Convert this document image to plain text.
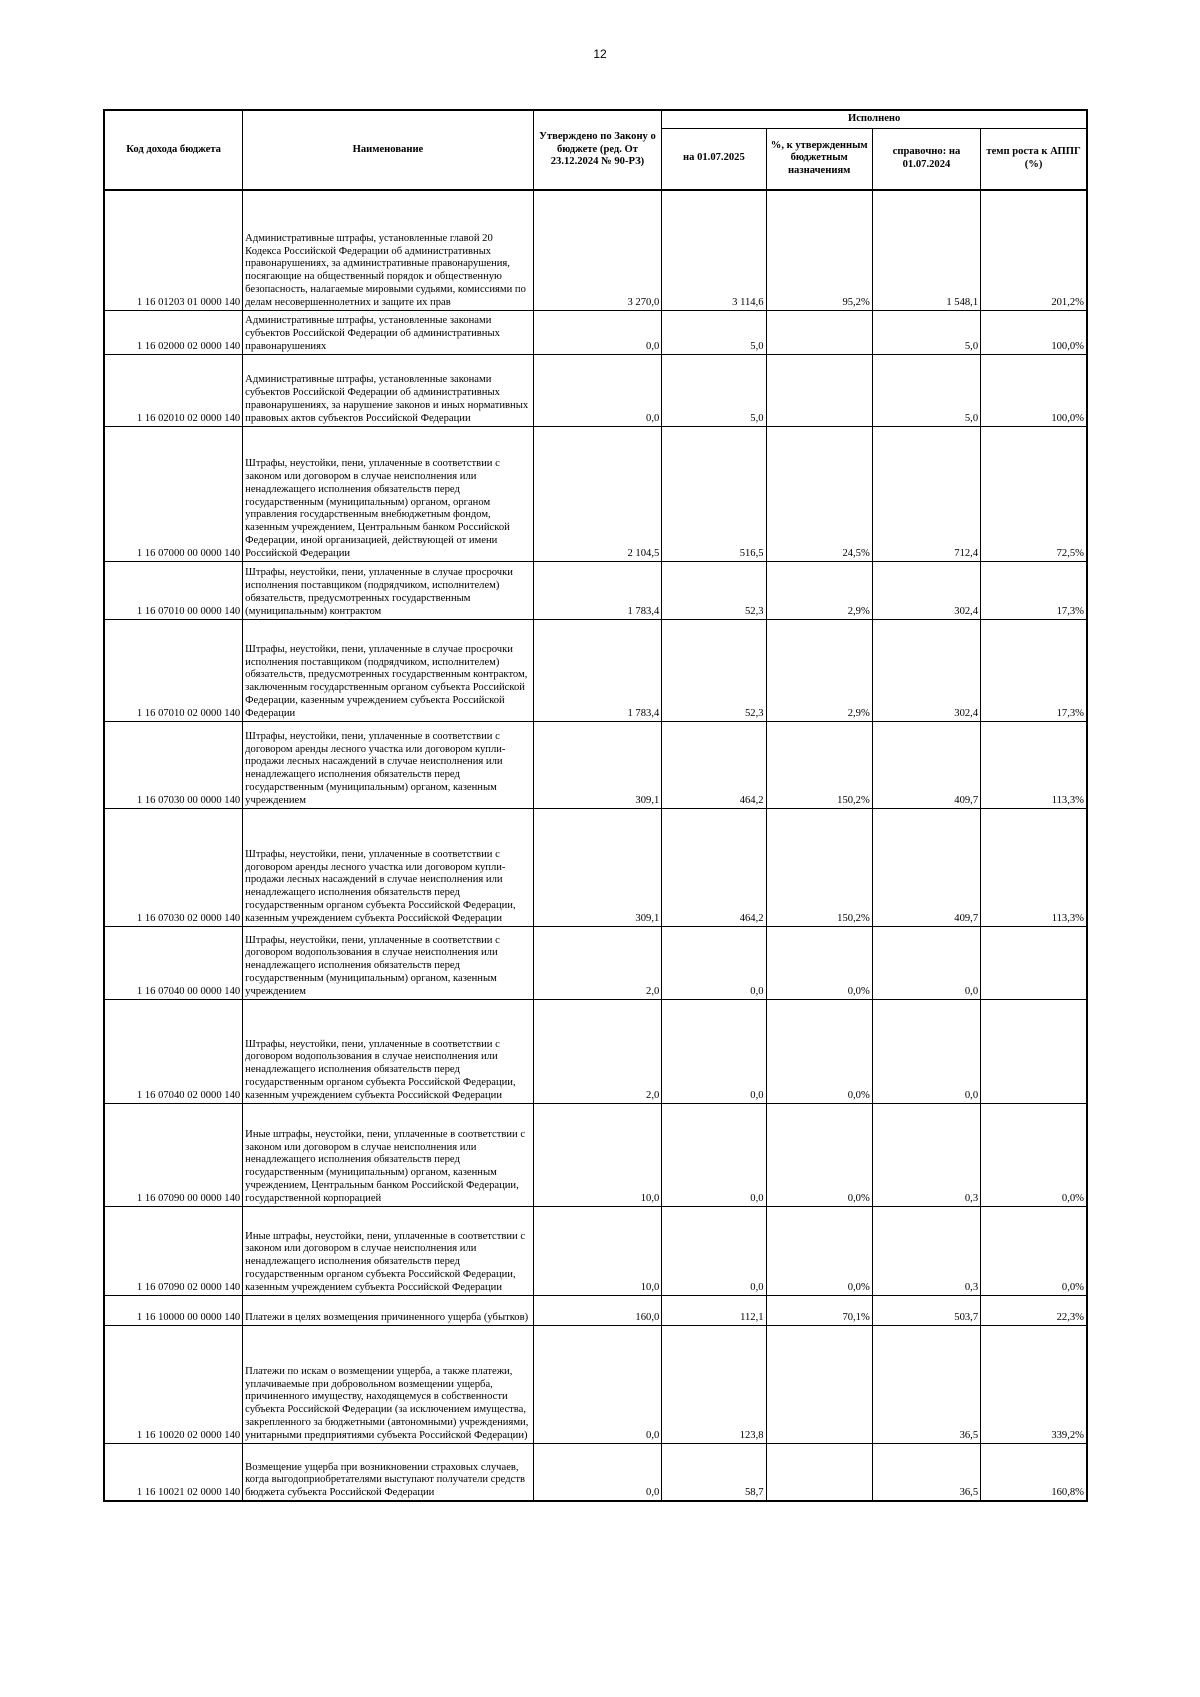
12
Код дохода бюджета	Наименование	Утверждено по Закону о бюджете (ред. От 23.12.2024 № 90-РЗ)	Исполнено			
			на 01.07.2025	%, к утвержденным бюджетным назначениям	справочно: на 01.07.2024	темп роста к АППГ (%)
1 16 01203 01 0000 140	Административные штрафы, установленные главой 20 Кодекса Российской Федерации об административных правонарушениях, за административные правонарушения, посягающие на общественный порядок и общественную безопасность, налагаемые мировыми судьями, комиссиями по делам несовершеннолетних и защите их прав	3 270,0	3 114,6	95,2%	1 548,1	201,2%
1 16 02000 02 0000 140	Административные штрафы, установленные законами субъектов Российской Федерации об административных правонарушениях	0,0	5,0		5,0	100,0%
1 16 02010 02 0000 140	Административные штрафы, установленные законами субъектов Российской Федерации об административных правонарушениях, за нарушение законов и иных нормативных правовых актов субъектов Российской Федерации	0,0	5,0		5,0	100,0%
1 16 07000 00 0000 140	Штрафы, неустойки, пени, уплаченные в соответствии с законом или договором в случае неисполнения или ненадлежащего исполнения обязательств перед государственным (муниципальным) органом, органом управления государственным внебюджетным фондом, казенным учреждением, Центральным банком Российской Федерации, иной организацией, действующей от имени Российской Федерации	2 104,5	516,5	24,5%	712,4	72,5%
1 16 07010 00 0000 140	Штрафы, неустойки, пени, уплаченные в случае просрочки исполнения поставщиком (подрядчиком, исполнителем) обязательств, предусмотренных государственным (муниципальным) контрактом	1 783,4	52,3	2,9%	302,4	17,3%
1 16 07010 02 0000 140	Штрафы, неустойки, пени, уплаченные в случае просрочки исполнения поставщиком (подрядчиком, исполнителем) обязательств, предусмотренных государственным контрактом, заключенным государственным органом субъекта Российской Федерации, казенным учреждением субъекта Российской Федерации	1 783,4	52,3	2,9%	302,4	17,3%
1 16 07030 00 0000 140	Штрафы, неустойки, пени, уплаченные в соответствии с договором аренды лесного участка или договором купли-продажи лесных насаждений в случае неисполнения или ненадлежащего исполнения обязательств перед государственным (муниципальным) органом, казенным учреждением	309,1	464,2	150,2%	409,7	113,3%
1 16 07030 02 0000 140	Штрафы, неустойки, пени, уплаченные в соответствии с договором аренды лесного участка или договором купли-продажи лесных насаждений в случае неисполнения или ненадлежащего исполнения обязательств перед государственным органом субъекта Российской Федерации, казенным учреждением субъекта Российской Федерации	309,1	464,2	150,2%	409,7	113,3%
1 16 07040 00 0000 140	Штрафы, неустойки, пени, уплаченные в соответствии с договором водопользования в случае неисполнения или ненадлежащего исполнения обязательств перед государственным (муниципальным) органом, казенным учреждением	2,0	0,0	0,0%	0,0	
1 16 07040 02 0000 140	Штрафы, неустойки, пени, уплаченные в соответствии с договором водопользования в случае неисполнения или ненадлежащего исполнения обязательств перед государственным органом субъекта Российской Федерации, казенным учреждением субъекта Российской Федерации	2,0	0,0	0,0%	0,0	
1 16 07090 00 0000 140	Иные штрафы, неустойки, пени, уплаченные в соответствии с законом или договором в случае неисполнения или ненадлежащего исполнения обязательств перед государственным (муниципальным) органом, казенным учреждением, Центральным банком Российской Федерации, государственной корпорацией	10,0	0,0	0,0%	0,3	0,0%
1 16 07090 02 0000 140	Иные штрафы, неустойки, пени, уплаченные в соответствии с законом или договором в случае неисполнения или ненадлежащего исполнения обязательств перед государственным органом субъекта Российской Федерации, казенным учреждением субъекта Российской Федерации	10,0	0,0	0,0%	0,3	0,0%
1 16 10000 00 0000 140	Платежи в целях возмещения причиненного ущерба (убытков)	160,0	112,1	70,1%	503,7	22,3%
1 16 10020 02 0000 140	Платежи по искам о возмещении ущерба, а также платежи, уплачиваемые при добровольном возмещении ущерба, причиненного имуществу, находящемуся в собственности субъекта Российской Федерации (за исключением имущества, закрепленного за бюджетными (автономными) учреждениями, унитарными предприятиями субъекта Российской Федерации)	0,0	123,8		36,5	339,2%
1 16 10021 02 0000 140	Возмещение ущерба при возникновении страховых случаев, когда выгодоприобретателями выступают получатели средств бюджета субъекта Российской Федерации	0,0	58,7		36,5	160,8%
